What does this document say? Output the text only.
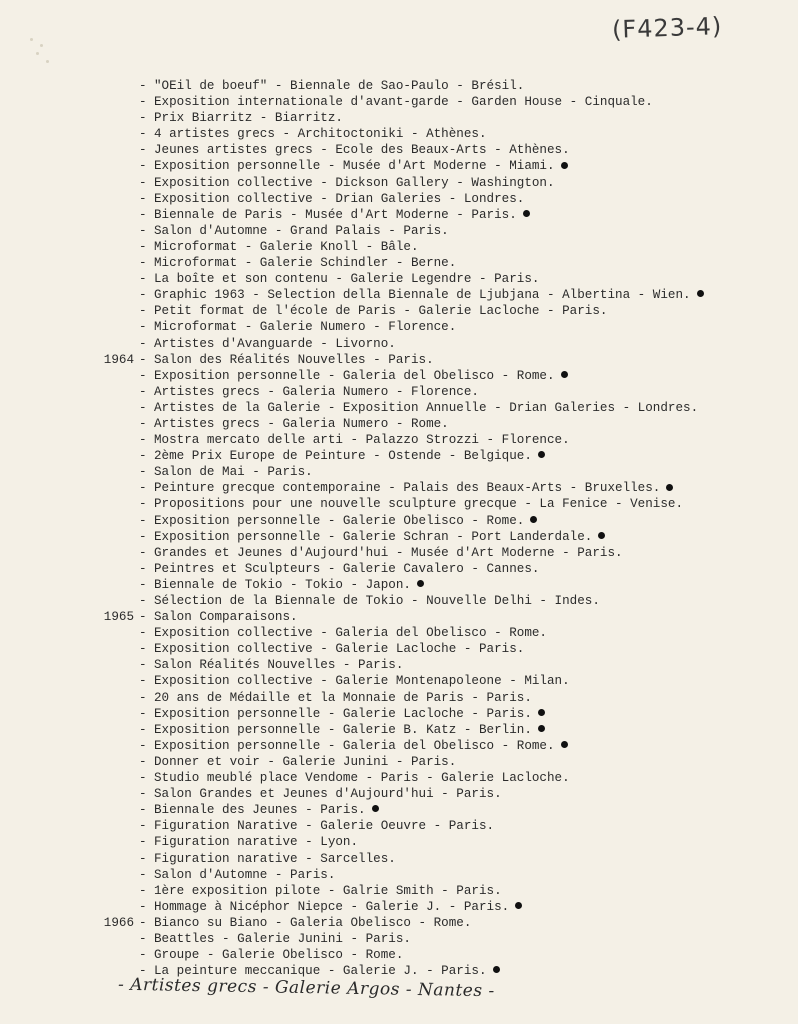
(F423-4)
- "OEil de boeuf" - Biennale de Sao-Paulo - Brésil.
- Exposition internationale d'avant-garde - Garden House - Cinquale.
- Prix Biarritz - Biarritz.
- 4 artistes grecs - Architoctoniki - Athènes.
- Jeunes artistes grecs - Ecole des Beaux-Arts - Athènes.
- Exposition personnelle - Musée d'Art Moderne - Miami.
- Exposition collective - Dickson Gallery - Washington.
- Exposition collective - Drian Galeries - Londres.
- Biennale de Paris - Musée d'Art Moderne - Paris.
- Salon d'Automne - Grand Palais - Paris.
- Microformat - Galerie Knoll - Bâle.
- Microformat - Galerie Schindler - Berne.
- La boîte et son contenu - Galerie Legendre - Paris.
- Graphic 1963 - Selection della Biennale de Ljubjana - Albertina - Wien.
- Petit format de l'école de Paris - Galerie Lacloche - Paris.
- Microformat - Galerie Numero - Florence.
- Artistes d'Avanguarde - Livorno.
1964 - Salon des Réalités Nouvelles - Paris.
- Exposition personnelle - Galeria del Obelisco - Rome.
- Artistes grecs - Galeria Numero - Florence.
- Artistes de la Galerie - Exposition Annuelle - Drian Galeries - Londres.
- Artistes grecs - Galeria Numero - Rome.
- Mostra mercato delle arti - Palazzo Strozzi - Florence.
- 2ème Prix Europe de Peinture - Ostende - Belgique.
- Salon de Mai - Paris.
- Peinture grecque contemporaine - Palais des Beaux-Arts - Bruxelles.
- Propositions pour une nouvelle sculpture grecque - La Fenice - Venise.
- Exposition personnelle - Galerie Obelisco - Rome.
- Exposition personnelle - Galerie Schran - Port Landerdale.
- Grandes et Jeunes d'Aujourd'hui - Musée d'Art Moderne - Paris.
- Peintres et Sculpteurs - Galerie Cavalero - Cannes.
- Biennale de Tokio - Tokio - Japon.
- Sélection de la Biennale de Tokio - Nouvelle Delhi - Indes.
1965 - Salon Comparaisons.
- Exposition collective - Galeria del Obelisco - Rome.
- Exposition collective - Galerie Lacloche - Paris.
- Salon Réalités Nouvelles - Paris.
- Exposition collective - Galerie Montenapoleone - Milan.
- 20 ans de Médaille et la Monnaie de Paris - Paris.
- Exposition personnelle - Galerie Lacloche - Paris.
- Exposition personnelle - Galerie B. Katz - Berlin.
- Exposition personnelle - Galeria del Obelisco - Rome.
- Donner et voir - Galerie Junini - Paris.
- Studio meublé place Vendome - Paris - Galerie Lacloche.
- Salon Grandes et Jeunes d'Aujourd'hui - Paris.
- Biennale des Jeunes - Paris.
- Figuration Narative - Galerie Oeuvre - Paris.
- Figuration narative - Lyon.
- Figuration narative - Sarcelles.
- Salon d'Automne - Paris.
- 1ère exposition pilote - Galrie Smith - Paris.
- Hommage à Nicéphor Niepce - Galerie J. - Paris.
1966 - Bianco su Biano - Galeria Obelisco - Rome.
- Beattles - Galerie Junini - Paris.
- Groupe - Galerie Obelisco - Rome.
- La peinture meccanique - Galerie J. - Paris.
- Artistes grecs - Galerie Argos - Nantes -
